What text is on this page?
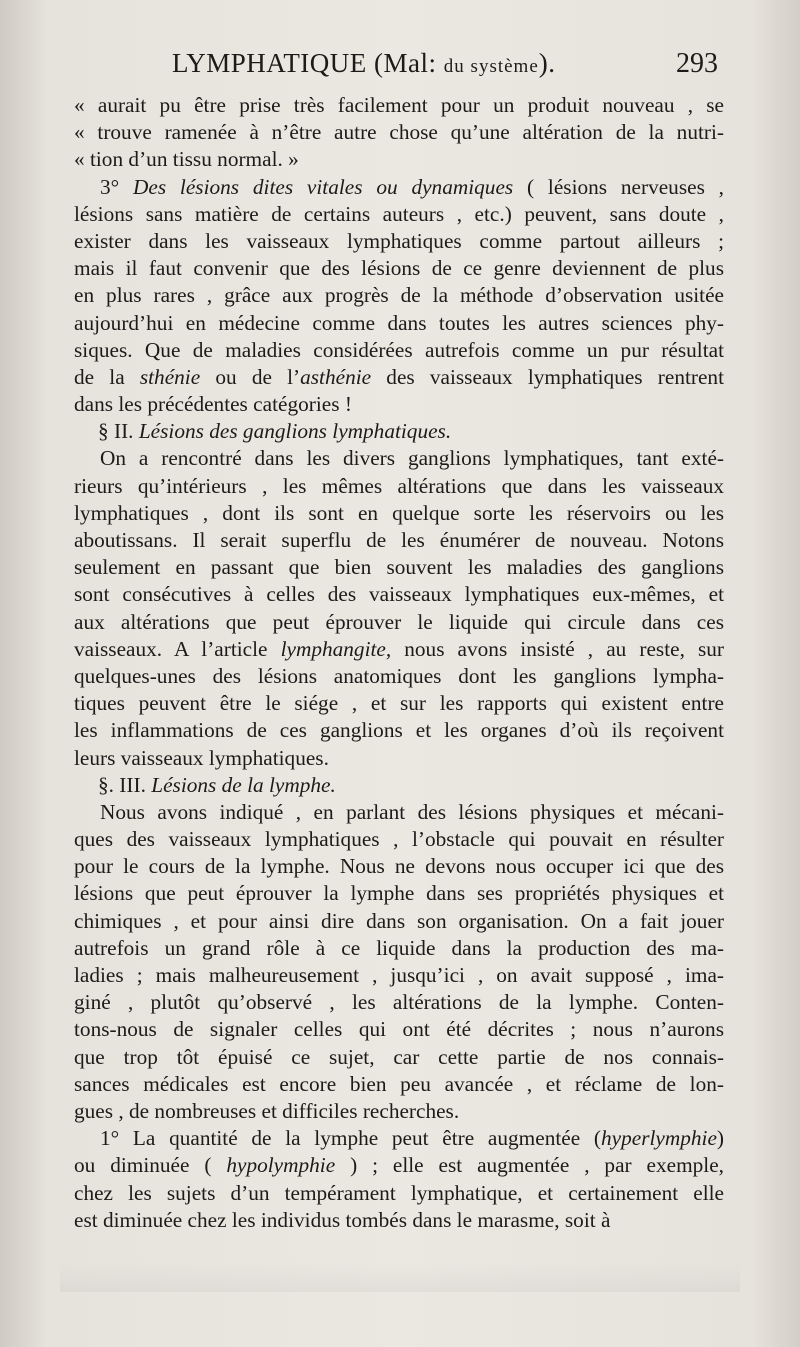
LYMPHATIQUE (Mal: du système).	293
« aurait pu être prise très facilement pour un produit nouveau , se
« trouve ramenée à n’être autre chose qu’une altération de la nutri-
« tion d’un tissu normal. »
3° Des lésions dites vitales ou dynamiques ( lésions nerveuses ,
lésions sans matière de certains auteurs , etc.) peuvent, sans doute ,
exister dans les vaisseaux lymphatiques comme partout ailleurs ;
mais il faut convenir que des lésions de ce genre deviennent de plus
en plus rares , grâce aux progrès de la méthode d’observation usitée
aujourd’hui en médecine comme dans toutes les autres sciences phy-
siques. Que de maladies considérées autrefois comme un pur résultat
de la sthénie ou de l’asthénie des vaisseaux lymphatiques rentrent
dans les précédentes catégories !
§ II. Lésions des ganglions lymphatiques.
On a rencontré dans les divers ganglions lymphatiques, tant exté-
rieurs qu’intérieurs , les mêmes altérations que dans les vaisseaux
lymphatiques , dont ils sont en quelque sorte les réservoirs ou les
aboutissans. Il serait superflu de les énumérer de nouveau. Notons
seulement en passant que bien souvent les maladies des ganglions
sont consécutives à celles des vaisseaux lymphatiques eux-mêmes, et
aux altérations que peut éprouver le liquide qui circule dans ces
vaisseaux. A l’article lymphangite, nous avons insisté , au reste, sur
quelques-unes des lésions anatomiques dont les ganglions lympha-
tiques peuvent être le siége , et sur les rapports qui existent entre
les inflammations de ces ganglions et les organes d’où ils reçoivent
leurs vaisseaux lymphatiques.
§. III. Lésions de la lymphe.
Nous avons indiqué , en parlant des lésions physiques et mécani-
ques des vaisseaux lymphatiques , l’obstacle qui pouvait en résulter
pour le cours de la lymphe. Nous ne devons nous occuper ici que des
lésions que peut éprouver la lymphe dans ses propriétés physiques et
chimiques , et pour ainsi dire dans son organisation. On a fait jouer
autrefois un grand rôle à ce liquide dans la production des ma-
ladies ; mais malheureusement , jusqu’ici , on avait supposé , ima-
giné , plutôt qu’observé , les altérations de la lymphe. Conten-
tons-nous de signaler celles qui ont été décrites ; nous n’aurons
que trop tôt épuisé ce sujet, car cette partie de nos connais-
sances médicales est encore bien peu avancée , et réclame de lon-
gues , de nombreuses et difficiles recherches.
1° La quantité de la lymphe peut être augmentée (hyperlymphie)
ou diminuée ( hypolymphie ) ; elle est augmentée , par exemple,
chez les sujets d’un tempérament lymphatique, et certainement elle
est diminuée chez les individus tombés dans le marasme, soit à
